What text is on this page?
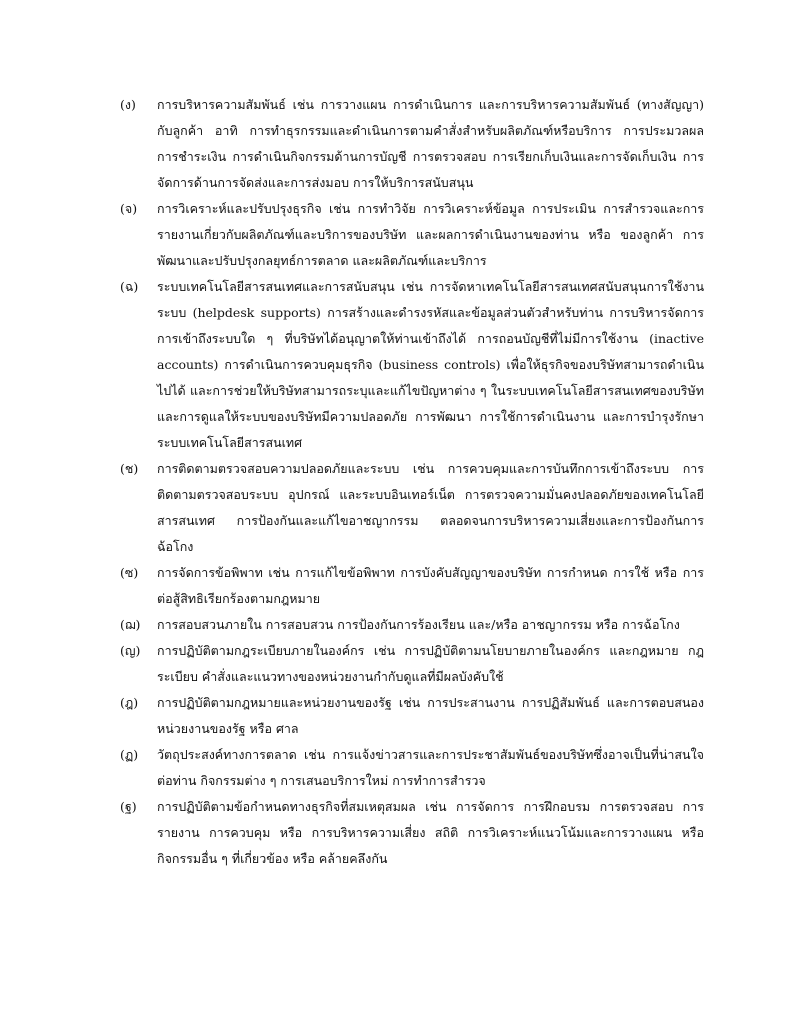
(ง)	การบริหารความสัมพันธ์ เช่น การวางแผน การดำเนินการ และการบริหารความสัมพันธ์ (ทางสัญญา) กับลูกค้า อาทิ การทำธุรกรรมและดำเนินการตามคำสั่งสำหรับผลิตภัณฑ์หรือบริการ การประมวลผล การชำระเงิน การดำเนินกิจกรรมด้านการบัญชี การตรวจสอบ การเรียกเก็บเงินและการจัดเก็บเงิน การจัดการด้านการจัดส่งและการส่งมอบ การให้บริการสนับสนุน
(จ)	การวิเคราะห์และปรับปรุงธุรกิจ เช่น การทำวิจัย การวิเคราะห์ข้อมูล การประเมิน การสำรวจและการรายงานเกี่ยวกับผลิตภัณฑ์และบริการของบริษัท และผลการดำเนินงานของท่าน หรือ ของลูกค้า การพัฒนาและปรับปรุงกลยุทธ์การตลาด และผลิตภัณฑ์และบริการ
(ฉ)	ระบบเทคโนโลยีสารสนเทศและการสนับสนุน เช่น การจัดหาเทคโนโลยีสารสนเทศสนับสนุนการใช้งานระบบ (helpdesk supports) การสร้างและดำรงรหัสและข้อมูลส่วนตัวสำหรับท่าน การบริหารจัดการการเข้าถึงระบบใด ๆ ที่บริษัทได้อนุญาตให้ท่านเข้าถึงได้ การถอนบัญชีที่ไม่มีการใช้งาน (inactive accounts) การดำเนินการควบคุมธุรกิจ (business controls) เพื่อให้ธุรกิจของบริษัทสามารถดำเนินไปได้ และการช่วยให้บริษัทสามารถระบุและแก้ไขปัญหาต่าง ๆ ในระบบเทคโนโลยีสารสนเทศของบริษัท และการดูแลให้ระบบของบริษัทมีความปลอดภัย การพัฒนา การใช้การดำเนินงาน และการบำรุงรักษาระบบเทคโนโลยีสารสนเทศ
(ช)	การติดตามตรวจสอบความปลอดภัยและระบบ เช่น การควบคุมและการบันทึกการเข้าถึงระบบ การติดตามตรวจสอบระบบ อุปกรณ์ และระบบอินเทอร์เน็ต การตรวจความมั่นคงปลอดภัยของเทคโนโลยีสารสนเทศ การป้องกันและแก้ไขอาชญากรรม ตลอดจนการบริหารความเสี่ยงและการป้องกันการฉ้อโกง
(ซ)	การจัดการข้อพิพาท เช่น การแก้ไขข้อพิพาท การบังคับสัญญาของบริษัท การกำหนด การใช้ หรือ การต่อสู้สิทธิเรียกร้องตามกฎหมาย
(ฌ)	การสอบสวนภายใน การสอบสวน การป้องกันการร้องเรียน และ/หรือ อาชญากรรม หรือ การฉ้อโกง
(ญ)	การปฏิบัติตามกฎระเบียบภายในองค์กร เช่น การปฏิบัติตามนโยบายภายในองค์กร และกฎหมาย กฎระเบียบ คำสั่งและแนวทางของหน่วยงานกำกับดูแลที่มีผลบังคับใช้
(ฎ)	การปฏิบัติตามกฎหมายและหน่วยงานของรัฐ เช่น การประสานงาน การปฏิสัมพันธ์ และการตอบสนองหน่วยงานของรัฐ หรือ ศาล
(ฏ)	วัตถุประสงค์ทางการตลาด เช่น การแจ้งข่าวสารและการประชาสัมพันธ์ของบริษัทซึ่งอาจเป็นที่น่าสนใจต่อท่าน กิจกรรมต่าง ๆ การเสนอบริการใหม่ การทำการสำรวจ
(ฐ)	การปฏิบัติตามข้อกำหนดทางธุรกิจที่สมเหตุสมผล เช่น การจัดการ การฝึกอบรม การตรวจสอบ การรายงาน การควบคุม หรือ การบริหารความเสี่ยง สถิติ การวิเคราะห์แนวโน้มและการวางแผน หรือ กิจกรรมอื่น ๆ ที่เกี่ยวข้อง หรือ คล้ายคลึงกัน
